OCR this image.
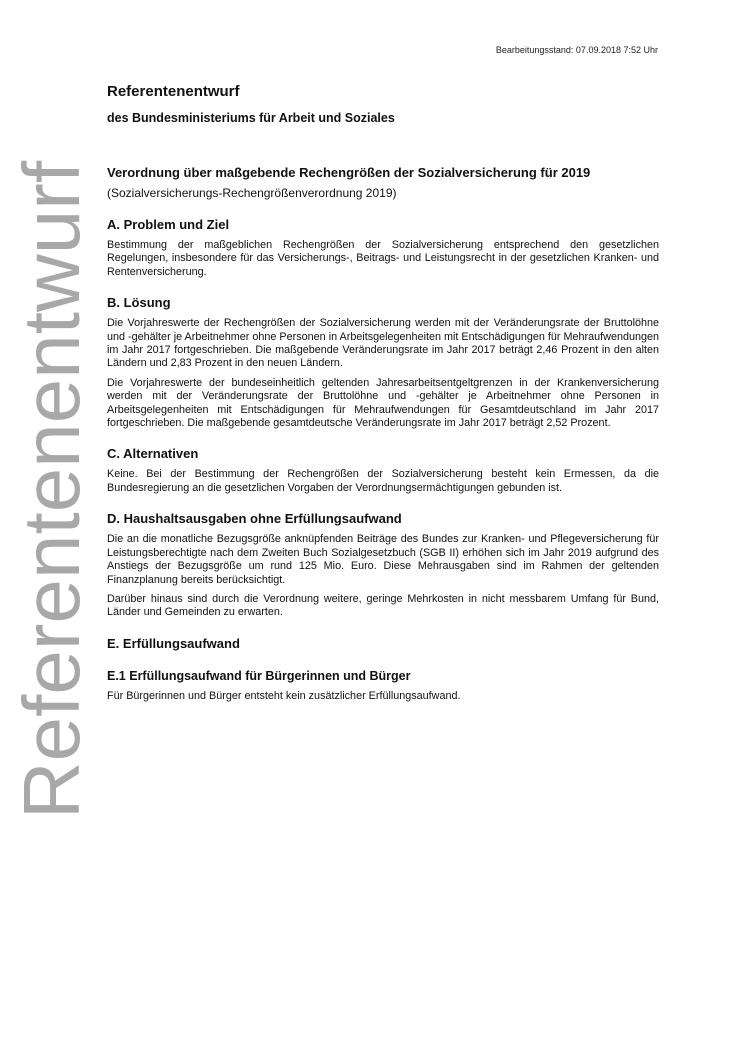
Bearbeitungsstand: 07.09.2018 7:52 Uhr
Referentenentwurf
Referentenentwurf
des Bundesministeriums für Arbeit und Soziales
Verordnung über maßgebende Rechengrößen der Sozialversicherung für 2019

(Sozialversicherungs-Rechengrößenverordnung 2019)

A. Problem und Ziel

Bestimmung der maßgeblichen Rechengrößen der Sozialversicherung entsprechend den gesetzlichen Regelungen, insbesondere für das Versicherungs-, Beitrags- und Leistungsrecht in der gesetzlichen Kranken- und Rentenversicherung.

B. Lösung

Die Vorjahreswerte der Rechengrößen der Sozialversicherung werden mit der Veränderungsrate der Bruttolöhne und -gehälter je Arbeitnehmer ohne Personen in Arbeitsgelegenheiten mit Entschädigungen für Mehraufwendungen im Jahr 2017 fortgeschrieben. Die maßgebende Veränderungsrate im Jahr 2017 beträgt 2,46 Prozent in den alten Ländern und 2,83 Prozent in den neuen Ländern.

Die Vorjahreswerte der bundeseinheitlich geltenden Jahresarbeitsentgeltgrenzen in der Krankenversicherung werden mit der Veränderungsrate der Bruttolöhne und -gehälter je Arbeitnehmer ohne Personen in Arbeitsgelegenheiten mit Entschädigungen für Mehraufwendungen für Gesamtdeutschland im Jahr 2017 fortgeschrieben. Die maßgebende gesamtdeutsche Veränderungsrate im Jahr 2017 beträgt 2,52 Prozent.

C. Alternativen

Keine. Bei der Bestimmung der Rechengrößen der Sozialversicherung besteht kein Ermessen, da die Bundesregierung an die gesetzlichen Vorgaben der Verordnungsermächtigungen gebunden ist.

D. Haushaltsausgaben ohne Erfüllungsaufwand

Die an die monatliche Bezugsgröße anknüpfenden Beiträge des Bundes zur Kranken- und Pflegeversicherung für Leistungsberechtigte nach dem Zweiten Buch Sozialgesetzbuch (SGB II) erhöhen sich im Jahr 2019 aufgrund des Anstiegs der Bezugsgröße um rund 125 Mio. Euro. Diese Mehrausgaben sind im Rahmen der geltenden Finanzplanung bereits berücksichtigt.

Darüber hinaus sind durch die Verordnung weitere, geringe Mehrkosten in nicht messbarem Umfang für Bund, Länder und Gemeinden zu erwarten.

E. Erfüllungsaufwand
E.1 Erfüllungsaufwand für Bürgerinnen und Bürger

Für Bürgerinnen und Bürger entsteht kein zusätzlicher Erfüllungsaufwand.
